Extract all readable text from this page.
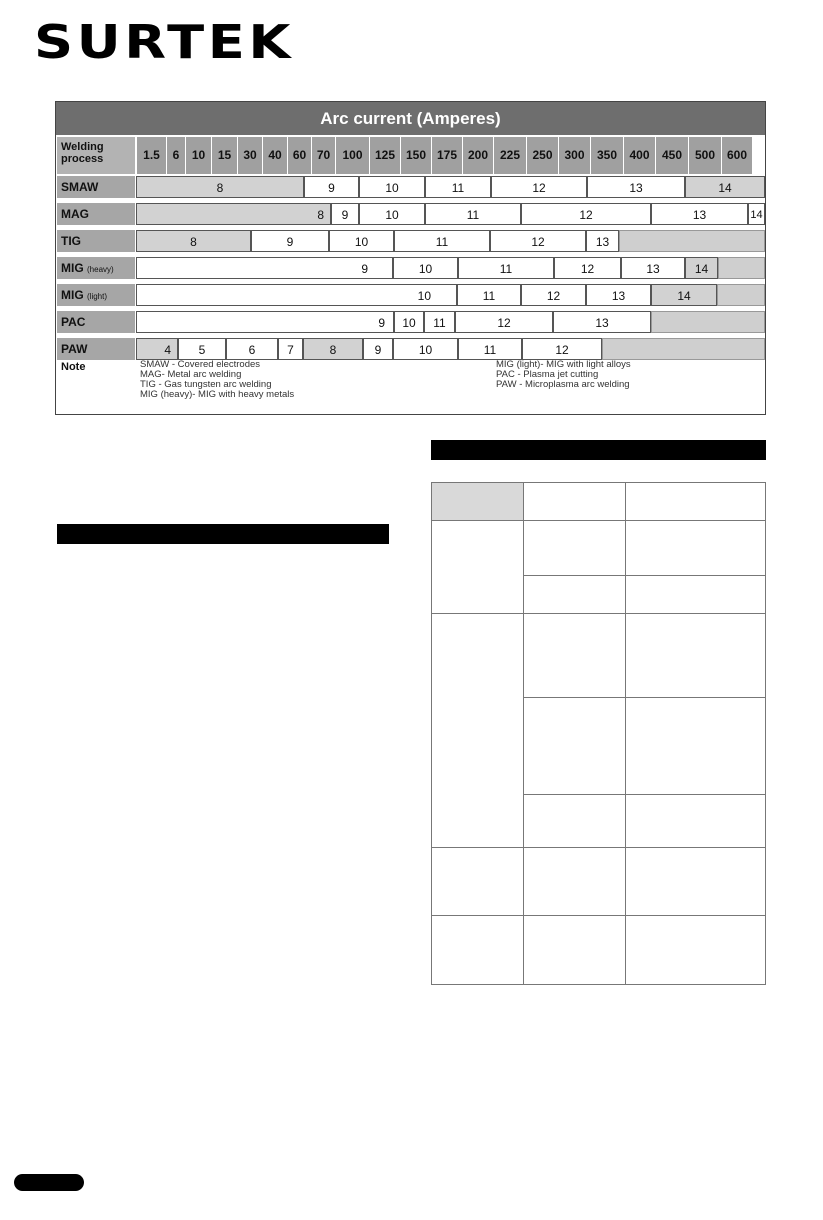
SURTEK
Arc current (Amperes)
Welding process	1.5	6	10	15	30 40 60 70	100	125 150 175 200 225	250 300	350	400	450	500 600
SMAW	8	9	10	11	12	13	14
MAG	8	9	10	11	12	13	14
TIG	8	9	10	11	12	13
MIG (heavy)	9	10	11	12	13	14
MIG (light)	10	11	12	13	14
PAC	9	10	11	12	13
PAW	4	5	6	7	8	9	10	11	12
Note	SMAW - Covered electrodes
MAG- Metal arc welding
TIG - Gas tungsten arc welding
MIG (heavy)- MIG with heavy metals
MIG (light)- MIG with light alloys
PAC - Plasma jet cutting
PAW - Microplasma arc welding
